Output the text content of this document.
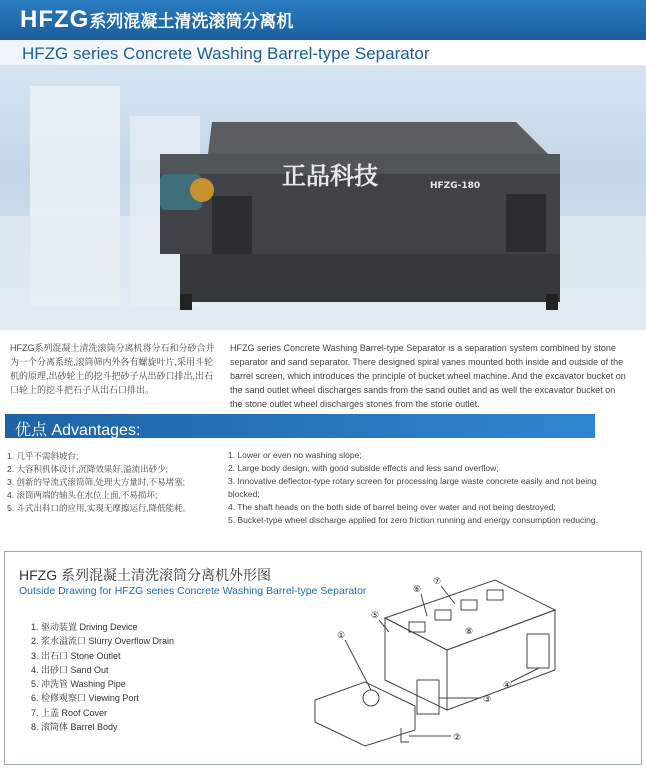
HFZG系列混凝土清洗滚筒分离机
HFZG series Concrete Washing Barrel-type Separator
正品科技	HFZG-180
HFZG系列混凝土清洗滚筒分离机将分石和分砂合并为一个分离系统,滚筒筛内外各有螺旋叶片,采用斗轮机的原理,出砂轮上的挖斗把砂子从出砂口排出,出石口轮上的挖斗把石子从出石口排出。
HFZG series Concrete Washing Barrel-type Separator is a separation system combined by stone separator and sand separator. There designed spiral vanes mounted both inside and outside of the barrel screen, which introduces the principle of bucket wheel machine. And the excavator bucket on the sand outlet wheel discharges sands from the sand outlet and as well the excavator bucket on the stone outlet wheel discharges stones from the stone outlet.
优点 Advantages:
1. 几乎不需斜坡台;
2. 大容积机体设计,沉降效果好,溢流出砂少;
3. 创新的导流式滚筒筛,处理大方量时,不易堵塞;
4. 滚筒两端的轴头在水位上面,不易损坏;
5. 斗式出料口的应用,实现无摩擦运行,降低能耗。
1. Lower or even no washing slope;
2. Large body design, with good subside effects and less sand overflow;
3. Innovative deflector-type rotary screen for processing large waste concrete easily and not being blocked;
4. The shaft heads on the both side of barrel being over water and not being destroyed;
5. Bucket-type wheel discharge applied for zero friction running and energy consumption reducing.
HFZG 系列混凝土清洗滚筒分离机外形图
Outside Drawing for HFZG series Concrete Washing Barrel-type Separator
1. 驱动装置 Driving Device
2. 浆水溢流口 Slurry Overflow Drain
3. 出石口 Stone Outlet
4. 出砂口 Sand Out
5. 冲洗管 Washing Pipe
6. 检修观察口 Viewing Port
7. 上盖 Roof Cover
8. 滚筒体 Barrel Body
①
②
③
④
⑤
⑥
⑦
⑧
